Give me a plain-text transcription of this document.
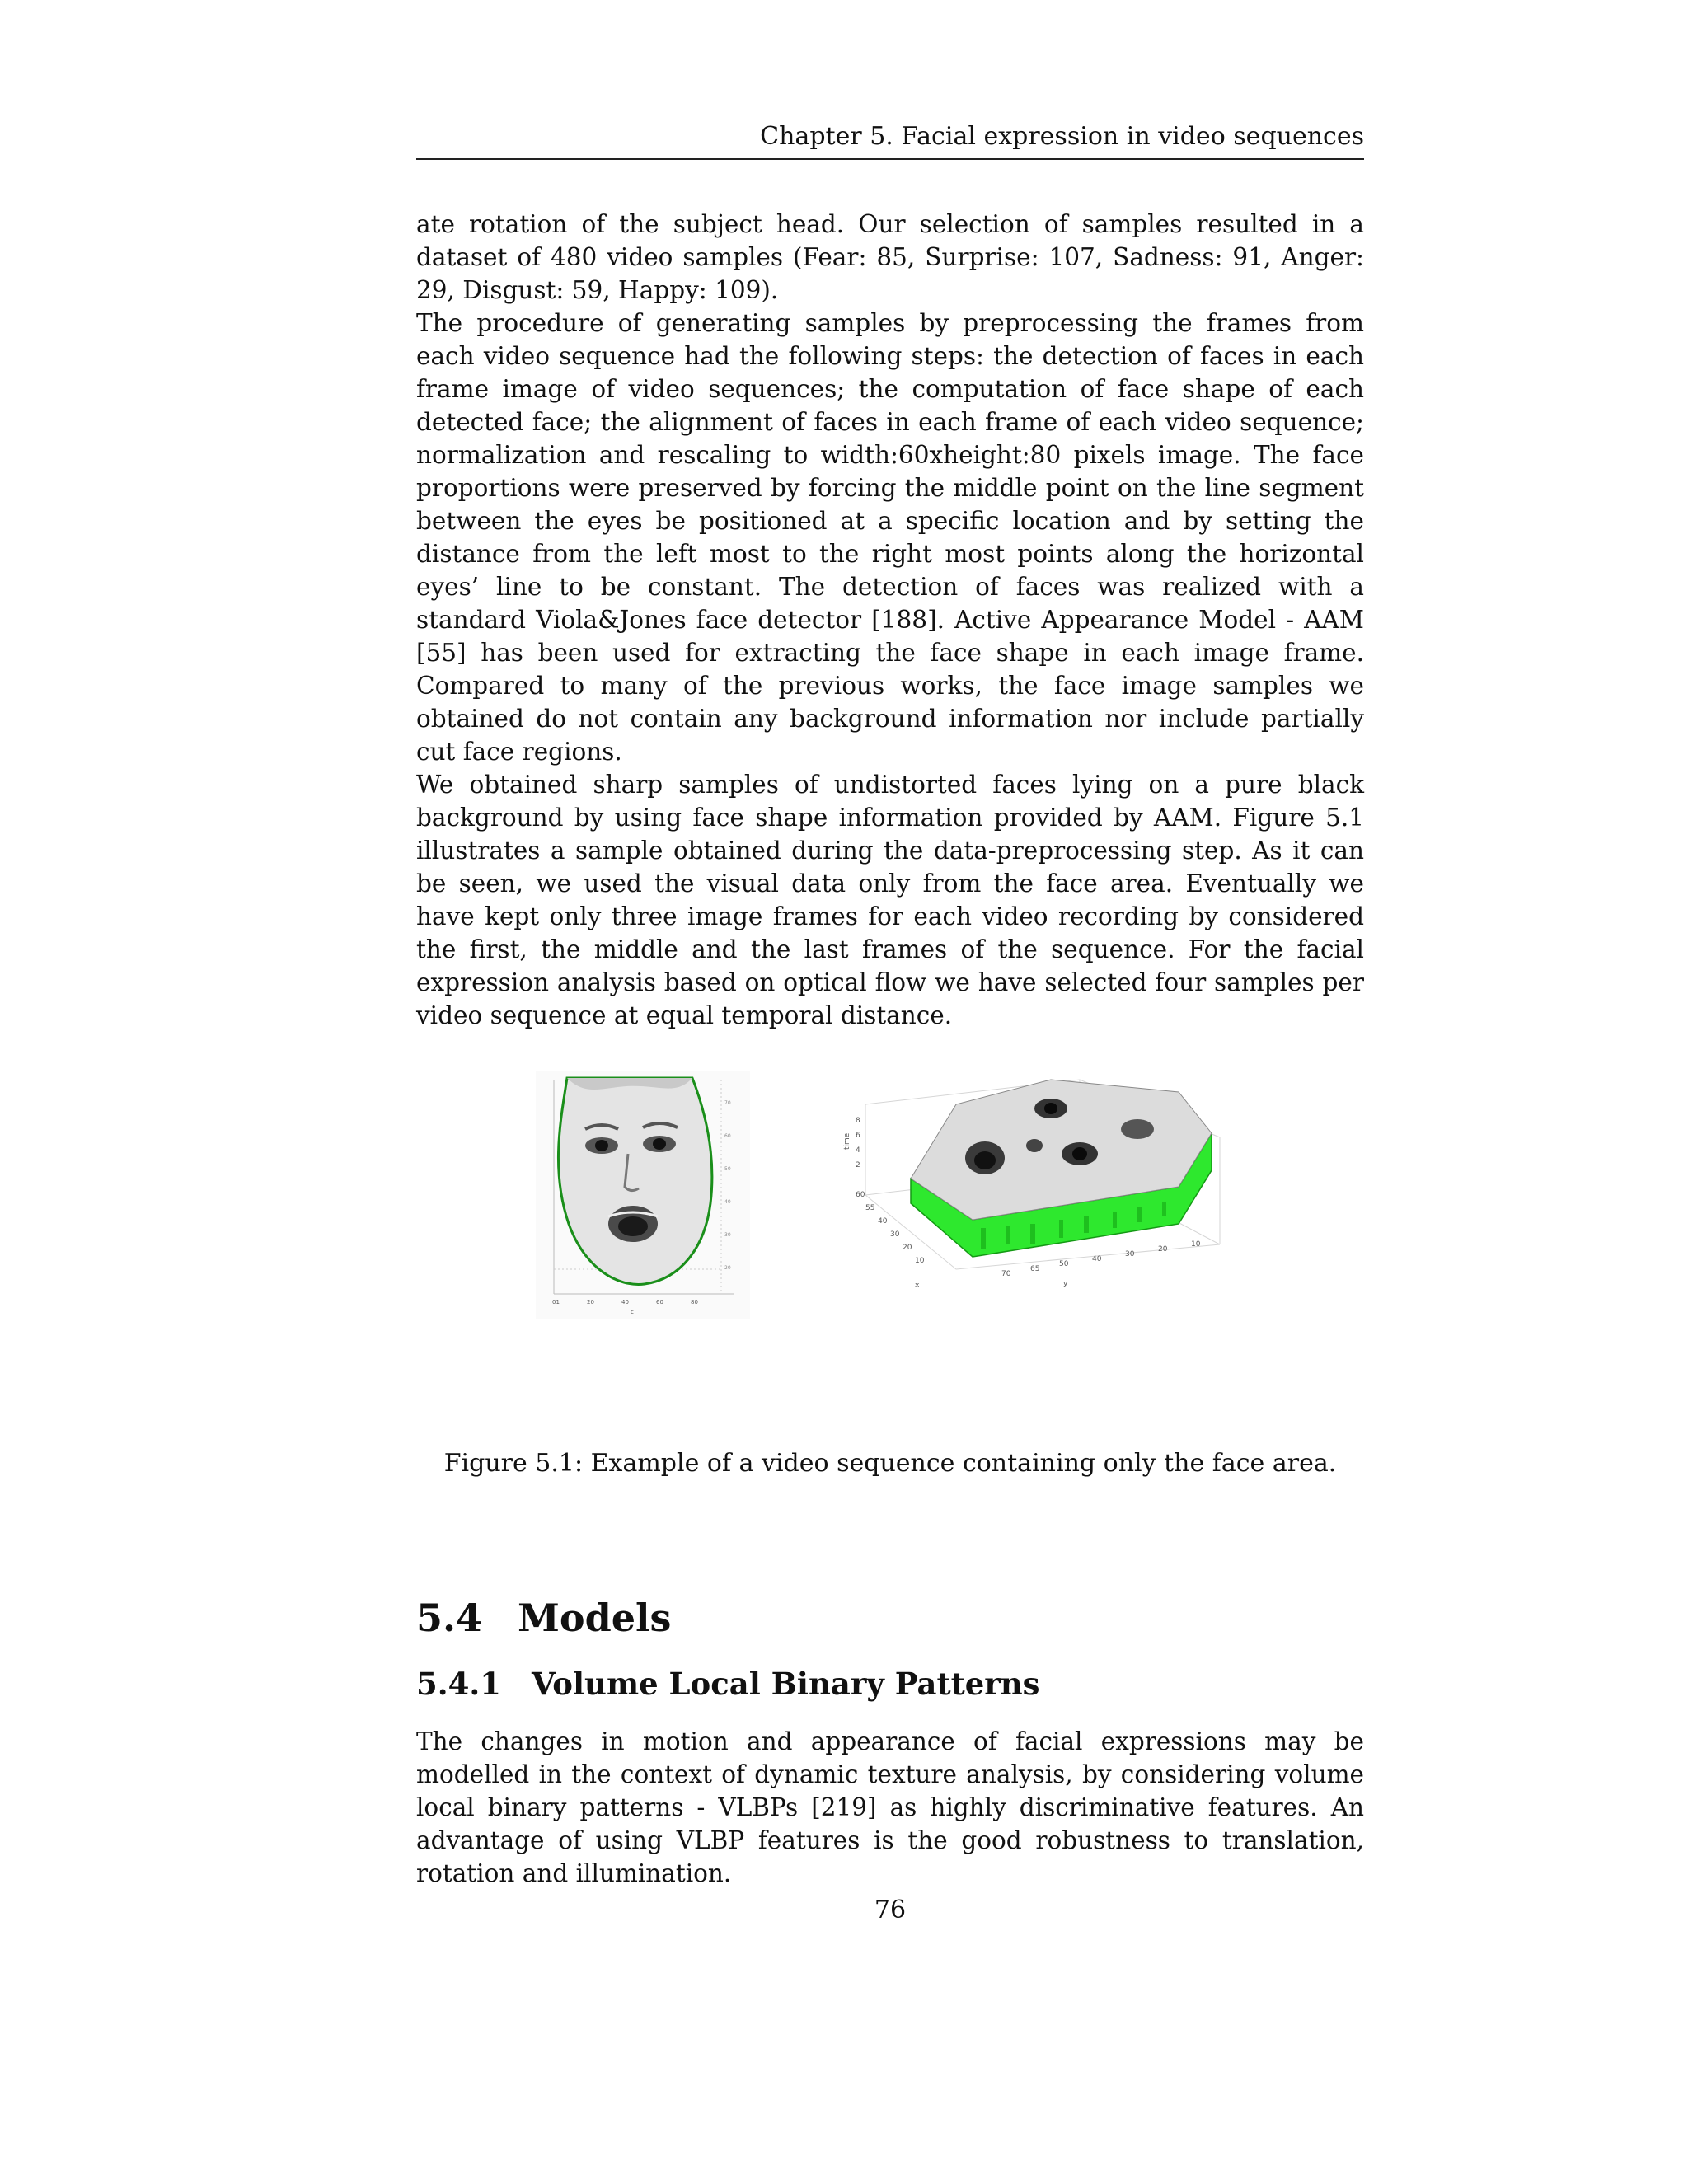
Chapter 5. Facial expression in video sequences

ate rotation of the subject head. Our selection of samples resulted in a dataset of 480 video samples (Fear: 85, Surprise: 107, Sadness: 91, Anger: 29, Disgust: 59, Happy: 109).

The procedure of generating samples by preprocessing the frames from each video sequence had the following steps: the detection of faces in each frame image of video sequences; the computation of face shape of each detected face; the alignment of faces in each frame of each video sequence; normalization and rescaling to width:60xheight:80 pixels image. The face proportions were preserved by forcing the middle point on the line segment between the eyes be positioned at a specific location and by setting the distance from the left most to the right most points along the horizontal eyes’ line to be constant. The detection of faces was realized with a standard Viola&Jones face detector [188]. Active Appearance Model - AAM [55] has been used for extracting the face shape in each image frame. Compared to many of the previous works, the face image samples we obtained do not contain any background information nor include partially cut face regions.

We obtained sharp samples of undistorted faces lying on a pure black background by using face shape information provided by AAM. Figure 5.1 illustrates a sample obtained during the data-preprocessing step. As it can be seen, we used the visual data only from the face area. Eventually we have kept only three image frames for each video recording by considered the first, the middle and the last frames of the sequence. For the facial expression analysis based on optical flow we have selected four samples per video sequence at equal temporal distance.

01	20	40	60	80
c
70
60
50
40
30
20
time
8
6
4
2
60
55
40
30
20
10
x
70
65
50
40
30
20
10
y
Figure 5.1: Example of a video sequence containing only the face area.
5.4 Models
5.4.1 Volume Local Binary Patterns

The changes in motion and appearance of facial expressions may be modelled in the context of dynamic texture analysis, by considering volume local binary patterns - VLBPs [219] as highly discriminative features. An advantage of using VLBP features is the good robustness to translation, rotation and illumination.

76
